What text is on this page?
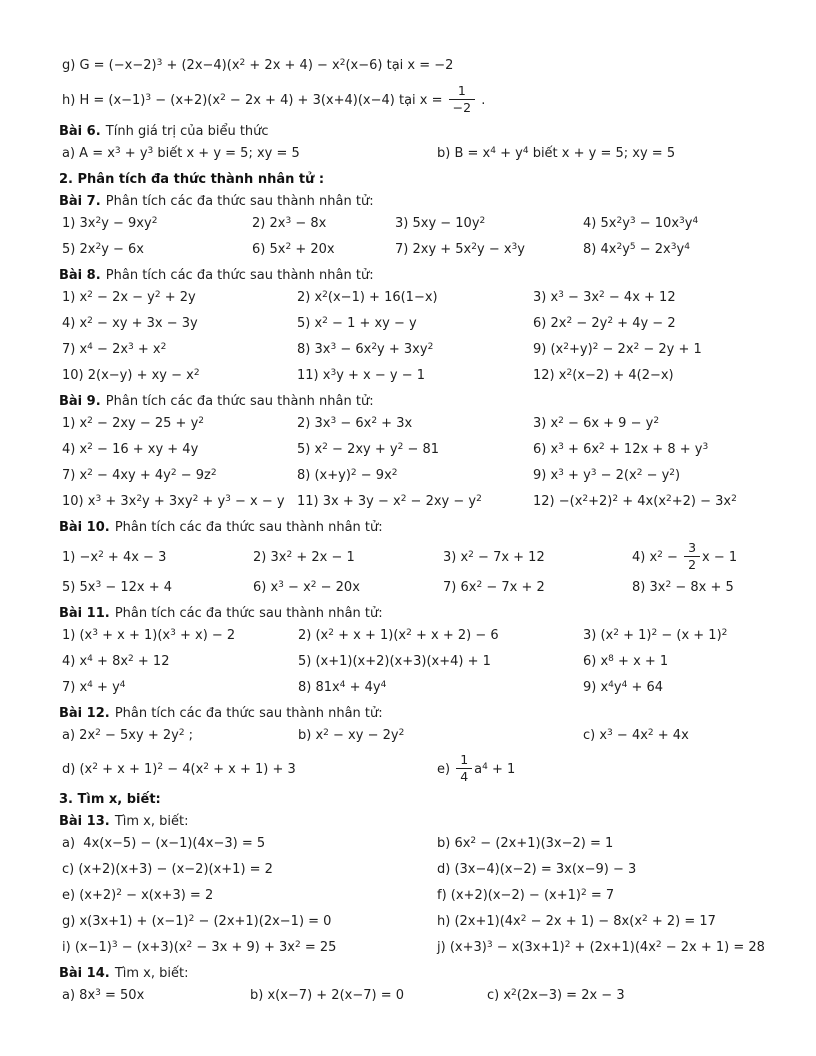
g) $G = (-x-2)^3 + (2x-4)(x^2 + 2x + 4) - x^2(x-6)$ tại x = −2
h) $H = (x-1)^3 - (x+2)(x^2 - 2x + 4) + 3(x+4)(x-4)$ tại $x = \frac{1}{-2}$ .
Bài 6. Tính giá trị của biểu thức
a) $A = x^3 + y^3$ biết x + y = 5; xy = 5	b) $B = x^4 + y^4$ biết x + y = 5; xy = 5
2. Phân tích đa thức thành nhân tử :
Bài 7. Phân tích các đa thức sau thành nhân tử:
1) $3x^2y - 9xy^2$	2) $2x^3 - 8x$	3) $5xy - 10y^2$	4) $5x^2y^3 - 10x^3y^4$
5) $2x^2y - 6x$	6) $5x^2 + 20x$	7) $2xy + 5x^2y - x^3y$	8) $4x^2y^5 - 2x^3y^4$
Bài 8. Phân tích các đa thức sau thành nhân tử:
1) $x^2 - 2x - y^2 + 2y$	2) $x^2(x-1) + 16(1-x)$	3) $x^3 - 3x^2 - 4x + 12$
4) $x^2$ − xy + 3x − 3y	5) $x^2 - 1$ + xy − y	6) $2x^2 - 2y^2 + 4y - 2$
7) $x^4 - 2x^3 + x^2$	8) $3x^3 - 6x^2y + 3xy^2$	9) $(x^2+y)^2 - 2x^2 - 2y + 1$
10) 2(x−y) + xy − $x^2$	11) $x^3y + x - y - 1$	12) $x^2(x-2) + 4(2-x)$
Bài 9. Phân tích các đa thức sau thành nhân tử:
1) $x^2 - 2xy - 25 + y^2$	2) $3x^3 - 6x^2 + 3x$	3) $x^2 - 6x + 9 - y^2$
4) $x^2 - 16$ + xy + 4y	5) $x^2 - 2xy + y^2 - 81$	6) $x^3 + 6x^2 + 12x + 8 + y^3$
7) $x^2 - 4xy + 4y^2 - 9z^2$	8) $(x+y)^2 - 9x^2$	9) $x^3 + y^3 - 2(x^2 - y^2)$
10) $x^3 + 3x^2y + 3xy^2 + y^3 - x - y$ 11) $3x + 3y - x^2 - 2xy - y^2$	$12) -(x^2+2)^2 + 4x(x^2+2) - 3x^2$
Bài 10. Phân tích các đa thức sau thành nhân tử:
$1) -x^2 + 4x - 3$	2) $3x^2 + 2x - 1$	3) $x^2 - 7x + 12$	4) $x^2 - \frac{3}{2}$ x − 1
5) $5x^3 - 12x + 4$	6) $x^3 - x^2 - 20x$	7) $6x^2 - 7x + 2$	8) $3x^2 - 8x + 5$
Bài 11. Phân tích các đa thức sau thành nhân tử:
1) $(x^3 + x + 1)(x^3 + x) - 2$	2) $(x^2 + x + 1)(x^2 + x + 2) - 6$	3) $(x^2 + 1)^2 - (x + 1)^2$
4) $x^4 + 8x^2 + 12$	5) (x+1)(x+2)(x+3)(x+4) + 1	6) $x^8 + x + 1$
7) $x^4 + y^4$	8) $81x^4 + 4y^4$	9) $x^4y^4 + 64$
Bài 12. Phân tích các đa thức sau thành nhân tử:
a) $2x^2 - 5xy + 2y^2$ ;	b) $x^2$ − xy − $2y^2$	c) $x^3 - 4x^2 + 4x$
d) $(x^2 + x + 1)^2 - 4(x^2 + x + 1) + 3$	$e) \frac{1}{4} a^4 + 1$
3. Tìm x, biết:
Bài 13. Tìm x, biết:
a)  4x(x−5) − (x−1)(4x−3) = 5	b) $6x^2 - (2x+1)(3x-2) = 1$
c) (x+2)(x+3) − (x−2)(x+1) = 2	d) (3x−4)(x−2) = 3x(x−9) − 3
e) $(x+2)^2 - x(x+3) = 2$	f) $(x+2)(x-2) - (x+1)^2 = 7$
g) $x(3x+1) + (x-1)^2 - (2x+1)(2x-1) = 0$	h) $(2x+1)(4x^2 - 2x + 1) - 8x(x^2 + 2) = 17$
i) $(x-1)^3 - (x+3)(x^2 - 3x + 9) + 3x^2 = 25$	j) $(x+3)^3 - x(3x+1)^2 + (2x+1)(4x^2 - 2x + 1) = 28$
Bài 14. Tìm x, biết:
a) $8x^3 = 50x$	b) x(x−7) + 2(x−7) = 0	c) $x^2(2x-3) = 2x - 3$
